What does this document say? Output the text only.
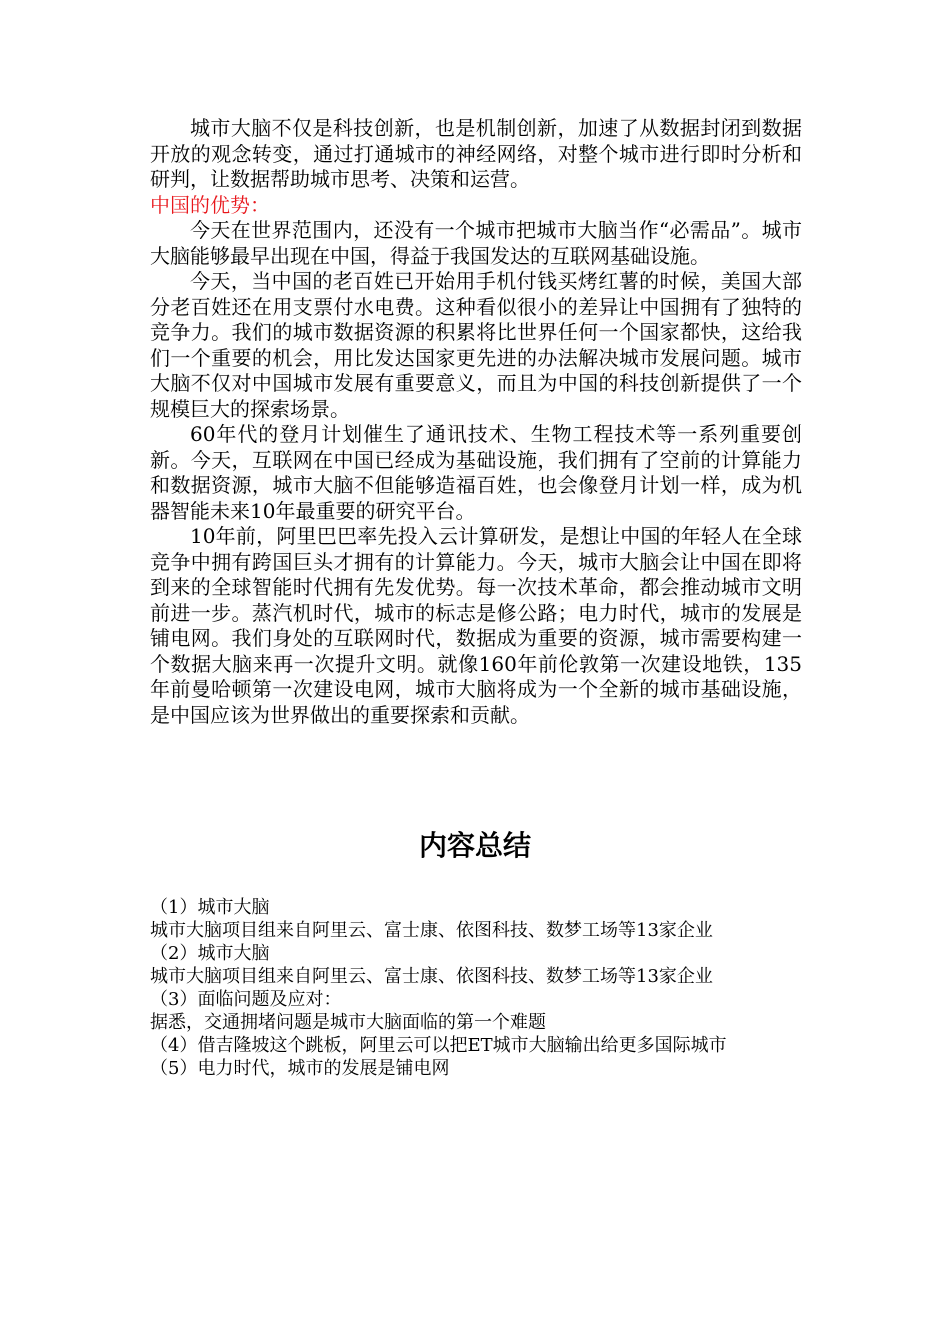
城市大脑不仅是科技创新，也是机制创新，加速了从数据封闭到数据开放的观念转变，通过打通城市的神经网络，对整个城市进行即时分析和研判，让数据帮助城市思考、决策和运营。

中国的优势：

今天在世界范围内，还没有一个城市把城市大脑当作“必需品”。城市大脑能够最早出现在中国，得益于我国发达的互联网基础设施。

今天，当中国的老百姓已开始用手机付钱买烤红薯的时候，美国大部分老百姓还在用支票付水电费。这种看似很小的差异让中国拥有了独特的竞争力。我们的城市数据资源的积累将比世界任何一个国家都快，这给我们一个重要的机会，用比发达国家更先进的办法解决城市发展问题。城市大脑不仅对中国城市发展有重要意义，而且为中国的科技创新提供了一个规模巨大的探索场景。

60年代的登月计划催生了通讯技术、生物工程技术等一系列重要创新。今天，互联网在中国已经成为基础设施，我们拥有了空前的计算能力和数据资源，城市大脑不但能够造福百姓，也会像登月计划一样，成为机器智能未来10年最重要的研究平台。

10年前，阿里巴巴率先投入云计算研发，是想让中国的年轻人在全球竞争中拥有跨国巨头才拥有的计算能力。今天，城市大脑会让中国在即将到来的全球智能时代拥有先发优势。每一次技术革命，都会推动城市文明前进一步。蒸汽机时代，城市的标志是修公路；电力时代，城市的发展是铺电网。我们身处的互联网时代，数据成为重要的资源，城市需要构建一个数据大脑来再一次提升文明。就像160年前伦敦第一次建设地铁，135年前曼哈顿第一次建设电网，城市大脑将成为一个全新的城市基础设施，是中国应该为世界做出的重要探索和贡献。

内容总结

（1）城市大脑

城市大脑项目组来自阿里云、富士康、依图科技、数梦工场等13家企业

（2）城市大脑

城市大脑项目组来自阿里云、富士康、依图科技、数梦工场等13家企业

（3）面临问题及应对：

据悉，交通拥堵问题是城市大脑面临的第一个难题

（4）借吉隆坡这个跳板，阿里云可以把ET城市大脑输出给更多国际城市

（5）电力时代，城市的发展是铺电网
